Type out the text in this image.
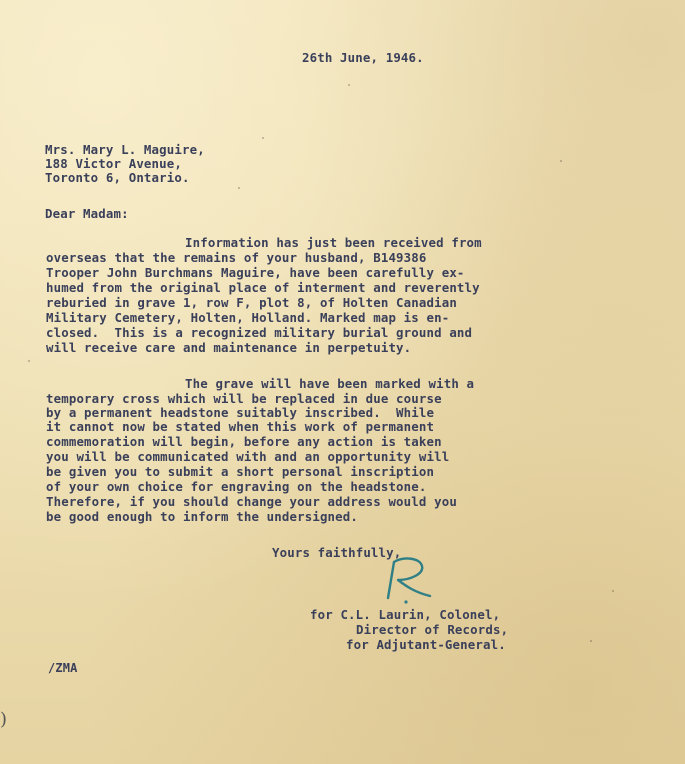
26th June, 1946.

Mrs. Mary L. Maguire,

188 Victor Avenue,

Toronto 6, Ontario.

Dear Madam:

Information has just been received from

overseas that the remains of your husband, B149386

Trooper John Burchmans Maguire, have been carefully ex-

humed from the original place of interment and reverently

reburied in grave 1, row F, plot 8, of Holten Canadian

Military Cemetery, Holten, Holland. Marked map is en-

closed.  This is a recognized military burial ground and

will receive care and maintenance in perpetuity.

The grave will have been marked with a

temporary cross which will be replaced in due course

by a permanent headstone suitably inscribed.  While

it cannot now be stated when this work of permanent

commemoration will begin, before any action is taken

you will be communicated with and an opportunity will

be given you to submit a short personal inscription

of your own choice for engraving on the headstone.

Therefore, if you should change your address would you

be good enough to inform the undersigned.

Yours faithfully,

for C.L. Laurin, Colonel,

Director of Records,

for Adjutant-General.

/ZMA

)
